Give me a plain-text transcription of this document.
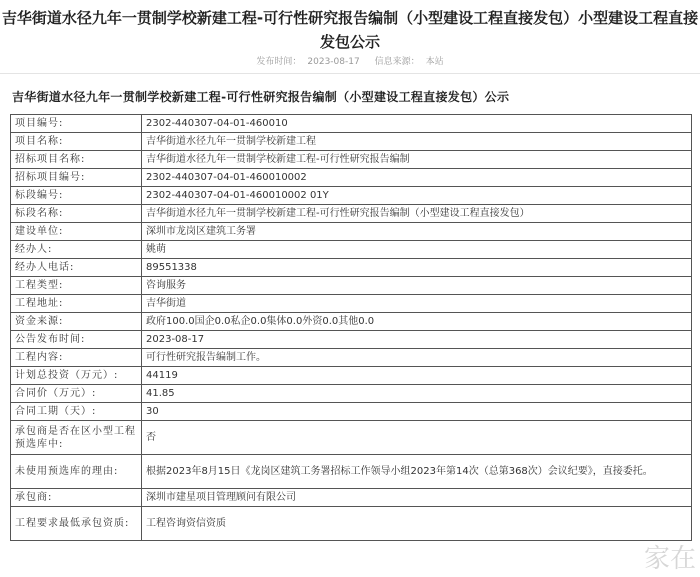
吉华街道水径九年一贯制学校新建工程-可行性研究报告编制（小型建设工程直接发包）小型建设工程直接发包公示
发布时间： 2023-08-17 信息来源： 本站
吉华街道水径九年一贯制学校新建工程-可行性研究报告编制（小型建设工程直接发包）公示
项目编号:	2302-440307-04-01-460010
项目名称:	吉华街道水径九年一贯制学校新建工程
招标项目名称:	吉华街道水径九年一贯制学校新建工程-可行性研究报告编制
招标项目编号:	2302-440307-04-01-460010002
标段编号:	2302-440307-04-01-460010002 01Y
标段名称:	吉华街道水径九年一贯制学校新建工程-可行性研究报告编制（小型建设工程直接发包）
建设单位:	深圳市龙岗区建筑工务署
经办人:	姚萌
经办人电话:	89551338
工程类型:	咨询服务
工程地址:	吉华街道
资金来源:	政府100.0国企0.0私企0.0集体0.0外资0.0其他0.0
公告发布时间:	2023-08-17
工程内容:	可行性研究报告编制工作。
计划总投资（万元）:	44119
合同价（万元）:	41.85
合同工期（天）:	30
承包商是否在区小型工程预选库中:	否
未使用预选库的理由:	根据2023年8月15日《龙岗区建筑工务署招标工作领导小组2023年第14次（总第368次）会议纪要》，直接委托。
承包商:	深圳市建星项目管理顾问有限公司
工程要求最低承包资质:	工程咨询资信资质
家在
